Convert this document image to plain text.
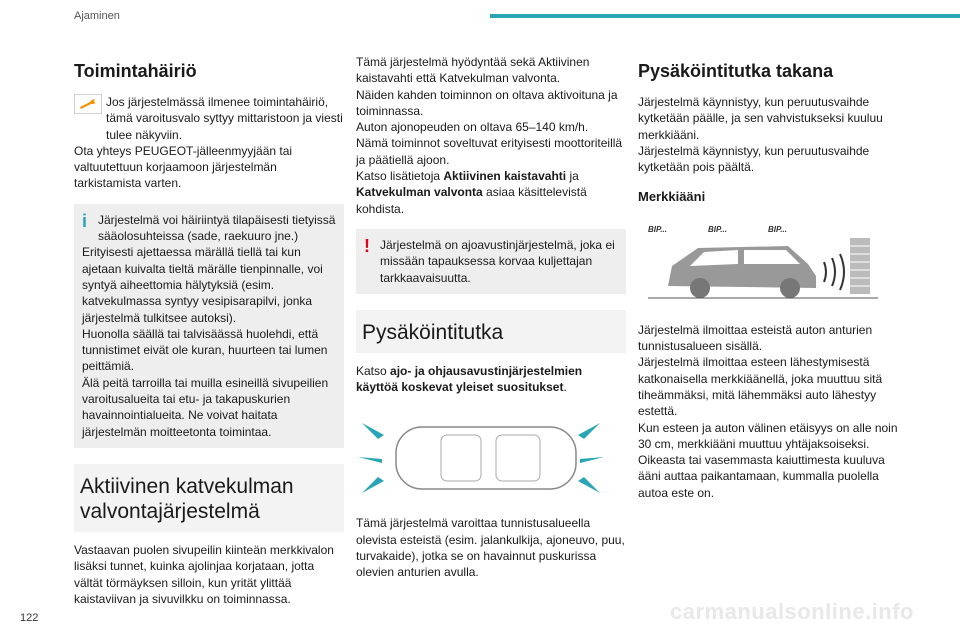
Ajaminen
Toimintahäiriö

Jos järjestelmässä ilmenee toimintahäiriö, tämä varoitusvalo syttyy mittaristoon ja viesti tulee näkyviin.

Ota yhteys PEUGEOT-jälleenmyyjään tai valtuutettuun korjaamoon järjestelmän tarkistamista varten.

i Järjestelmä voi häiriintyä tilapäisesti tietyissä sääolosuhteissa (sade, raekuuro jne.)

Erityisesti ajettaessa märällä tiellä tai kun ajetaan kuivalta tieltä märälle tienpinnalle, voi syntyä aiheettomia hälytyksiä (esim. katvekulmassa syntyy vesipisarapilvi, jonka järjestelmä tulkitsee autoksi).

Huonolla säällä tai talvisäässä huolehdi, että tunnistimet eivät ole kuran, huurteen tai lumen peittämiä.

Älä peitä tarroilla tai muilla esineillä sivupeilien varoitusalueita tai etu- ja takapuskurien havainnointialueita. Ne voivat haitata järjestelmän moitteetonta toimintaa.

Aktiivinen katvekulman valvontajärjestelmä

Vastaavan puolen sivupeilin kiinteän merkkivalon lisäksi tunnet, kuinka ajolinjaa korjataan, jotta vältät törmäyksen silloin, kun yrität ylittää kaistaviivan ja sivuvilkku on toiminnassa.

Tämä järjestelmä hyödyntää sekä Aktiivinen kaistavahti että Katvekulman valvonta.

Näiden kahden toiminnon on oltava aktivoituna ja toiminnassa.

Auton ajonopeuden on oltava 65–140 km/h.

Nämä toiminnot soveltuvat erityisesti moottoriteillä ja päätiellä ajoon.

Katso lisätietoja Aktiivinen kaistavahti ja Katvekulman valvonta asiaa käsittelevistä kohdista.

! Järjestelmä on ajoavustinjärjestelmä, joka ei missään tapauksessa korvaa kuljettajan tarkkaavaisuutta.

Pysäköintitutka

Katso ajo- ja ohjausavustinjärjestelmien käyttöä koskevat yleiset suositukset.

Tämä järjestelmä varoittaa tunnistusalueella olevista esteistä (esim. jalankulkija, ajoneuvo, puu, turvakaide), jotka se on havainnut puskurissa olevien anturien avulla.

Pysäköintitutka takana

Järjestelmä käynnistyy, kun peruutusvaihde kytketään päälle, ja sen vahvistukseksi kuuluu merkkiääni.

Järjestelmä käynnistyy, kun peruutusvaihde kytketään pois päältä.

Merkkiääni
BIP...	BIP...	BIP...

Järjestelmä ilmoittaa esteistä auton anturien tunnistusalueen sisällä.

Järjestelmä ilmoittaa esteen lähestymisestä katkonaisella merkkiäänellä, joka muuttuu sitä tiheämmäksi, mitä lähemmäksi auto lähestyy estettä.

Kun esteen ja auton välinen etäisyys on alle noin 30 cm, merkkiääni muuttuu yhtäjaksoiseksi.

Oikeasta tai vasemmasta kaiuttimesta kuuluva ääni auttaa paikantamaan, kummalla puolella autoa este on.

122	carmanualsonline.info
